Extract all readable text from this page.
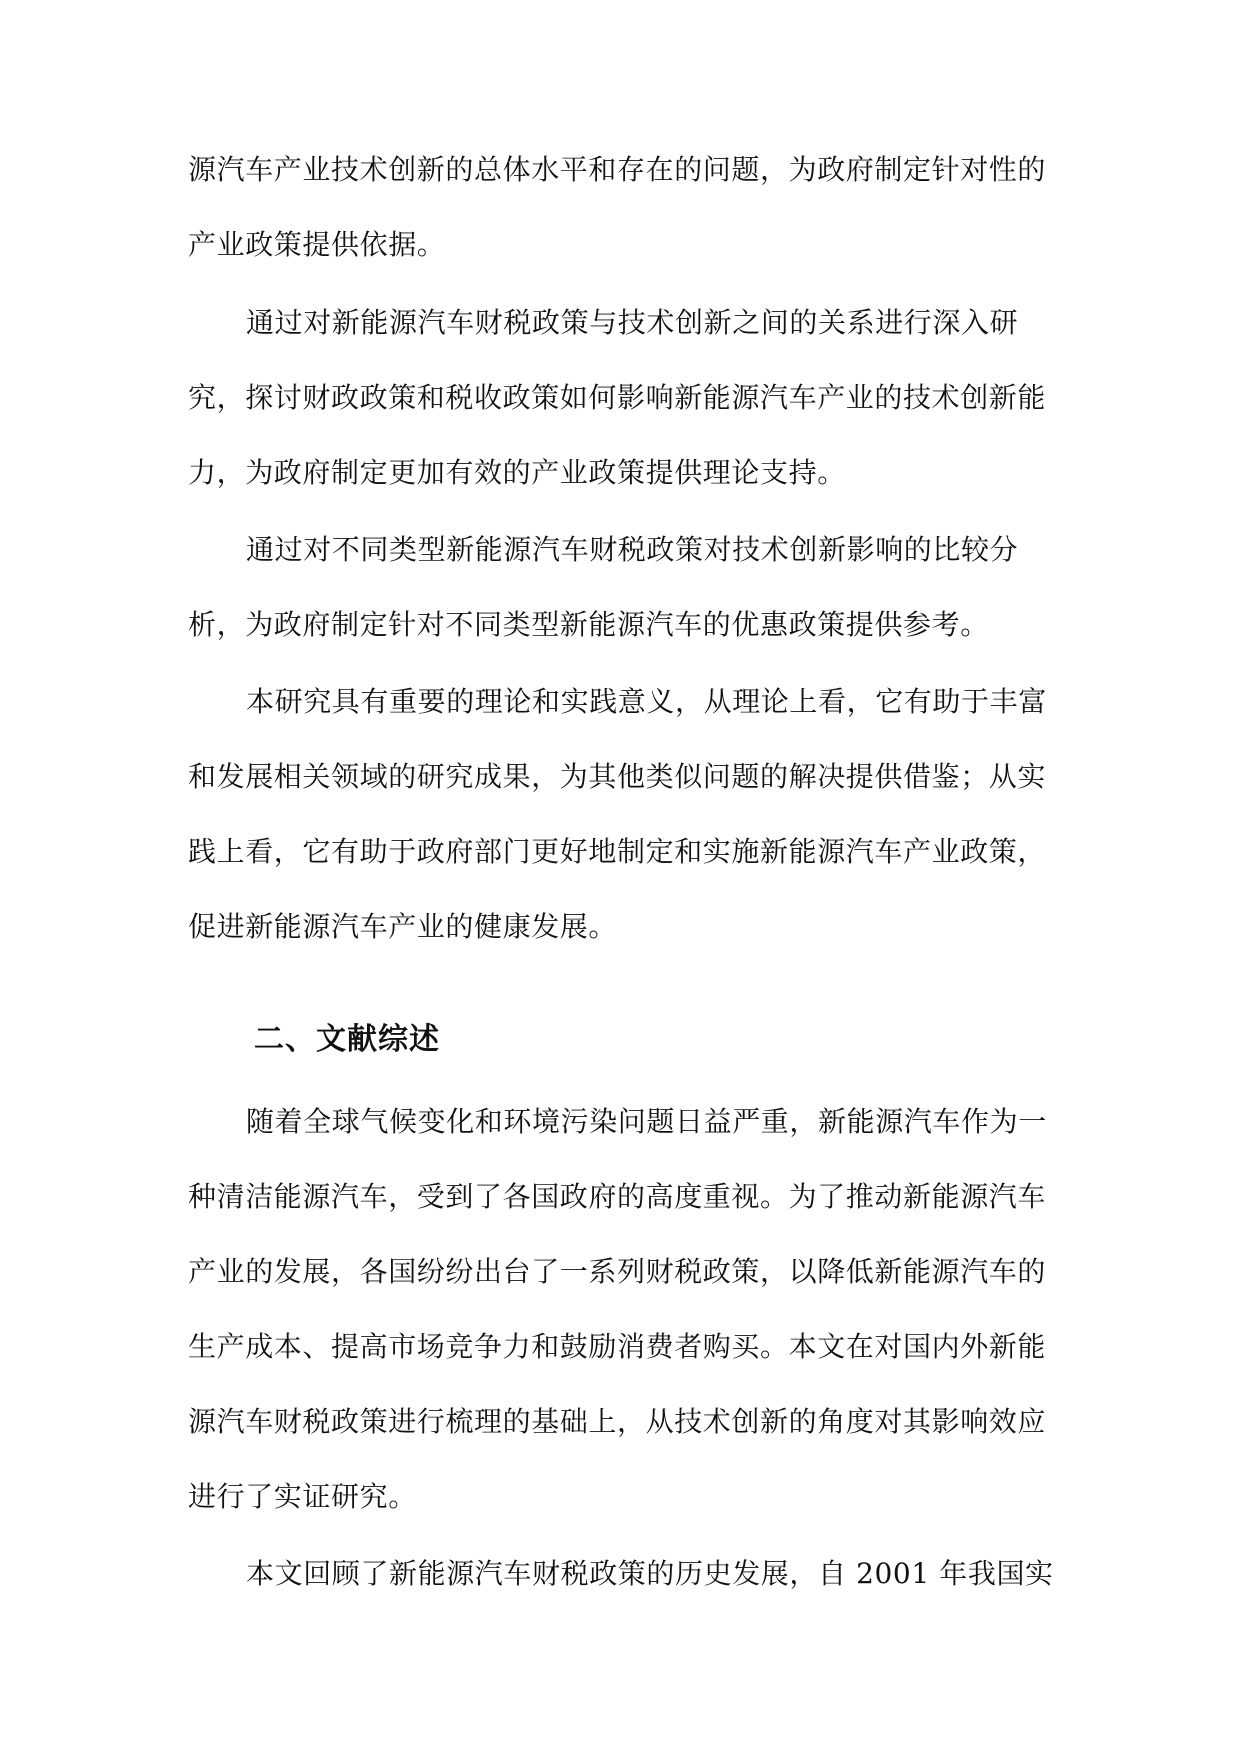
源汽车产业技术创新的总体水平和存在的问题，为政府制定针对性的
产业政策提供依据。
通过对新能源汽车财税政策与技术创新之间的关系进行深入研
究，探讨财政政策和税收政策如何影响新能源汽车产业的技术创新能
力，为政府制定更加有效的产业政策提供理论支持。
通过对不同类型新能源汽车财税政策对技术创新影响的比较分
析，为政府制定针对不同类型新能源汽车的优惠政策提供参考。
本研究具有重要的理论和实践意义，从理论上看，它有助于丰富
和发展相关领域的研究成果，为其他类似问题的解决提供借鉴；从实
践上看，它有助于政府部门更好地制定和实施新能源汽车产业政策，
促进新能源汽车产业的健康发展。
二、文献综述
随着全球气候变化和环境污染问题日益严重，新能源汽车作为一
种清洁能源汽车，受到了各国政府的高度重视。为了推动新能源汽车
产业的发展，各国纷纷出台了一系列财税政策，以降低新能源汽车的
生产成本、提高市场竞争力和鼓励消费者购买。本文在对国内外新能
源汽车财税政策进行梳理的基础上，从技术创新的角度对其影响效应
进行了实证研究。
本文回顾了新能源汽车财税政策的历史发展，自 2001 年我国实
